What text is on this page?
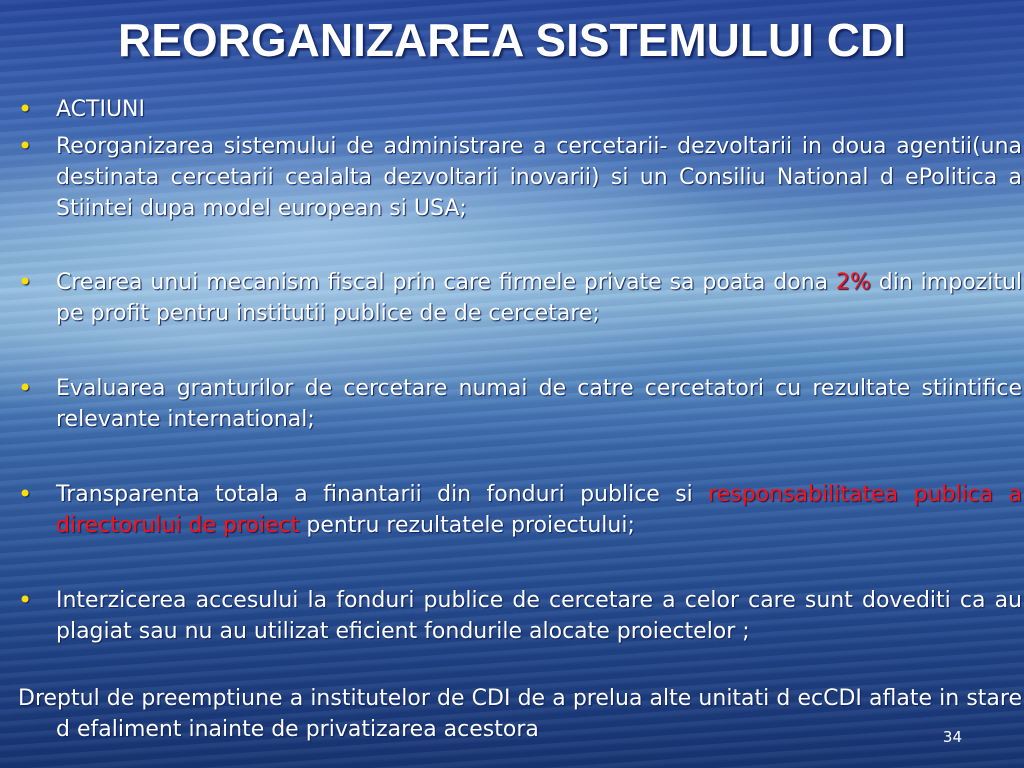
REORGANIZAREA SISTEMULUI CDI
• ACTIUNI
• Reorganizarea sistemului de administrare a cercetarii- dezvoltarii in doua agentii(una destinata cercetarii cealalta dezvoltarii inovarii) si un Consiliu National d ePolitica a Stiintei dupa model european si USA;
• Crearea unui mecanism fiscal prin care firmele private sa poata dona 2% din impozitul pe profit pentru institutii publice de de cercetare;
• Evaluarea granturilor de cercetare numai de catre cercetatori cu rezultate stiintifice relevante international;
• Transparenta totala a finantarii din fonduri publice si responsabilitatea publica a directorului de proiect pentru rezultatele proiectului;
• Interzicerea accesului la fonduri publice de cercetare a celor care sunt dovediti ca au plagiat sau nu au utilizat eficient fondurile alocate proiectelor ;
Dreptul de preemptiune a institutelor de CDI de a prelua alte unitati d ecCDI aflate in stare d efaliment inainte de privatizarea acestora	34
